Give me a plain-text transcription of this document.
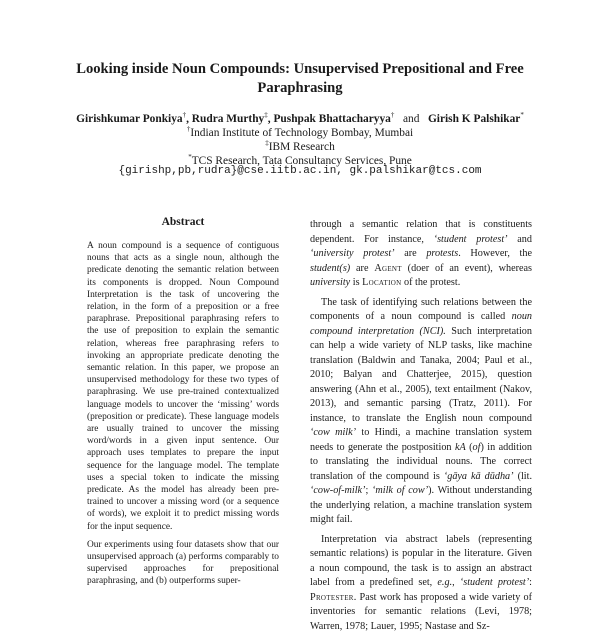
Looking inside Noun Compounds: Unsupervised Prepositional and Free Paraphrasing
Girishkumar Ponkiya†, Rudra Murthy‡, Pushpak Bhattacharyya† and Girish K Palshikar*
†Indian Institute of Technology Bombay, Mumbai
‡IBM Research
*TCS Research, Tata Consultancy Services, Pune
{girishp,pb,rudra}@cse.iitb.ac.in, gk.palshikar@tcs.com
Abstract

A noun compound is a sequence of contiguous nouns that acts as a single noun, although the predicate denoting the semantic relation between its components is dropped. Noun Compound Interpretation is the task of uncovering the relation, in the form of a preposition or a free paraphrase. Prepositional paraphrasing refers to the use of preposition to explain the semantic relation, whereas free paraphrasing refers to invoking an appropriate predicate denoting the semantic relation. In this paper, we propose an unsupervised methodology for these two types of paraphrasing. We use pre-trained contextualized language models to uncover the ‘missing’ words (preposition or predicate). These language models are usually trained to uncover the missing word/words in a given input sentence. Our approach uses templates to prepare the input sequence for the language model. The template uses a special token to indicate the missing predicate. As the model has already been pre-trained to uncover a missing word (or a sequence of words), we exploit it to predict missing words for the input sequence.

Our experiments using four datasets show that our unsupervised approach (a) performs comparably to supervised approaches for prepositional paraphrasing, and (b) outperforms super-

through a semantic relation that is constituents dependent. For instance, ‘student protest’ and ‘university protest’ are protests. However, the student(s) are Agent (doer of an event), whereas university is Location of the protest.

The task of identifying such relations between the components of a noun compound is called noun compound interpretation (NCI). Such interpretation can help a wide variety of NLP tasks, like machine translation (Baldwin and Tanaka, 2004; Paul et al., 2010; Balyan and Chatterjee, 2015), question answering (Ahn et al., 2005), text entailment (Nakov, 2013), and semantic parsing (Tratz, 2011). For instance, to translate the English noun compound ‘cow milk’ to Hindi, a machine translation system needs to generate the postposition kA (of) in addition to translating the individual nouns. The correct translation of the compound is ‘gāya kā dūdha’ (lit. ‘cow-of-milk’; ‘milk of cow’). Without understanding the underlying relation, a machine translation system might fail.

Interpretation via abstract labels (representing semantic relations) is popular in the literature. Given a noun compound, the task is to assign an abstract label from a predefined set, e.g., ‘student protest’: Protester. Past work has proposed a wide variety of inventories for semantic relations (Levi, 1978; Warren, 1978; Lauer, 1995; Nastase and Sz-
